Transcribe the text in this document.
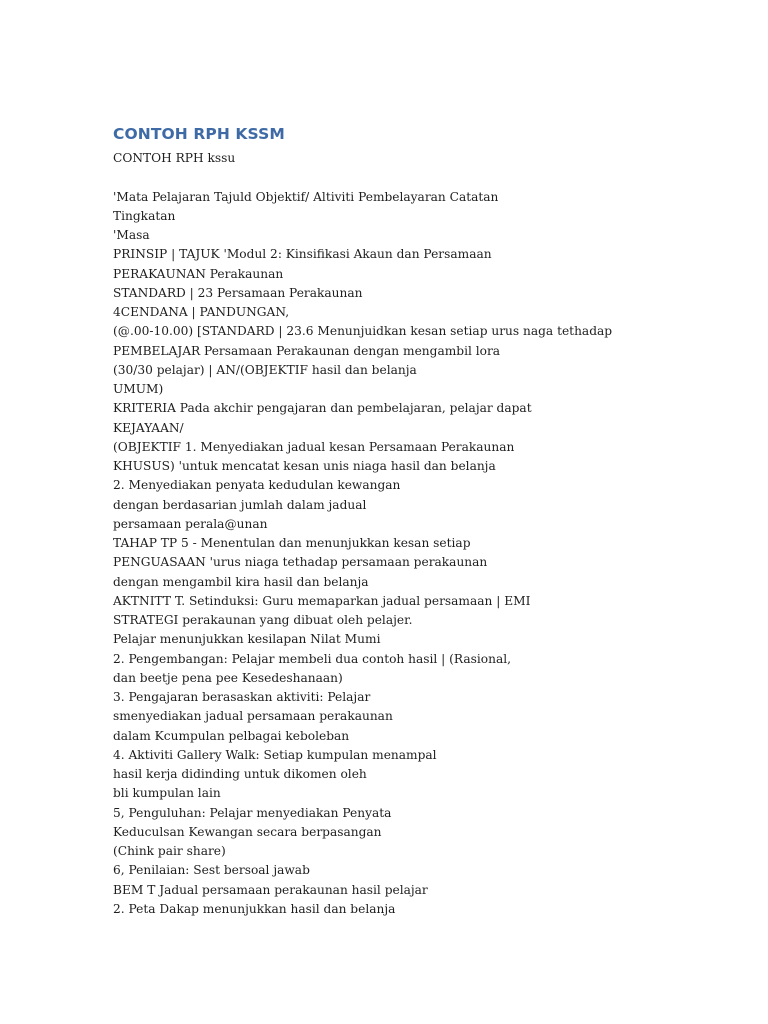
CONTOH RPH KSSM
CONTOH RPH kssu
'Mata Pelajaran Tajuld Objektif/ Altiviti Pembelayaran Catatan
Tingkatan
'Masa
PRINSIP | TAJUK 'Modul 2: Kinsifikasi Akaun dan Persamaan
PERAKAUNAN Perakaunan
STANDARD | 23 Persamaan Perakaunan
4CENDANA | PANDUNGAN,
(@.00-10.00) [STANDARD | 23.6 Menunjuidkan kesan setiap urus naga tethadap
PEMBELAJAR Persamaan Perakaunan dengan mengambil lora
(30/30 pelajar) | AN/(OBJEKTIF hasil dan belanja
UMUM)
KRITERIA Pada akchir pengajaran dan pembelajaran, pelajar dapat
KEJAYAAN/
(OBJEKTIF 1. Menyediakan jadual kesan Persamaan Perakaunan
KHUSUS) 'untuk mencatat kesan unis niaga hasil dan belanja
2. Menyediakan penyata kedudulan kewangan
dengan berdasarian jumlah dalam jadual
persamaan perala@unan
TAHAP TP 5 - Menentulan dan menunjukkan kesan setiap
PENGUASAAN 'urus niaga tethadap persamaan perakaunan
dengan mengambil kira hasil dan belanja
AKTNITT T. Setinduksi: Guru memaparkan jadual persamaan | EMI
STRATEGI perakaunan yang dibuat oleh pelajer.
Pelajar menunjukkan kesilapan Nilat Mumi
2. Pengembangan: Pelajar membeli dua contoh hasil | (Rasional,
dan beetje pena pee Kesedeshanaan)
3. Pengajaran berasaskan aktiviti: Pelajar
smenyediakan jadual persamaan perakaunan
dalam Kcumpulan pelbagai keboleban
4. Aktiviti Gallery Walk: Setiap kumpulan menampal
hasil kerja didinding untuk dikomen oleh
bli kumpulan lain
5, Penguluhan: Pelajar menyediakan Penyata
Keduculsan Kewangan secara berpasangan
(Chink pair share)
6, Penilaian: Sest bersoal jawab
BEM T Jadual persamaan perakaunan hasil pelajar
2. Peta Dakap menunjukkan hasil dan belanja
